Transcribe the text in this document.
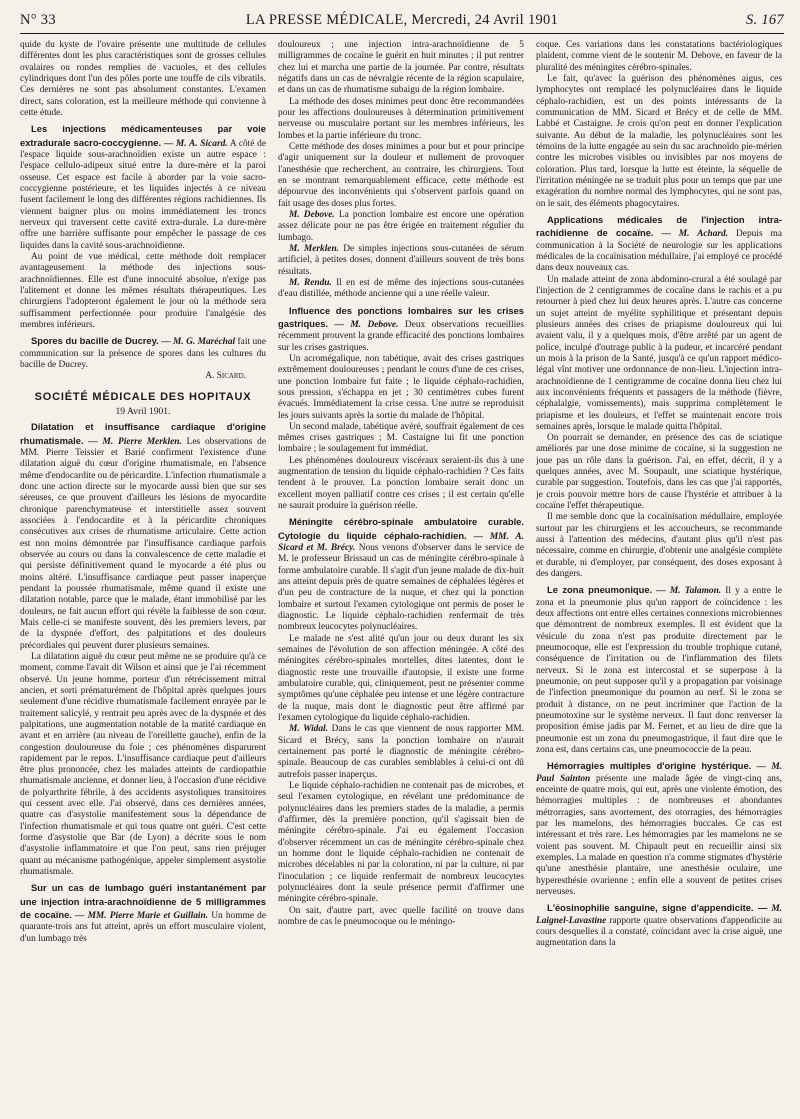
N° 33	LA PRESSE MÉDICALE, Mercredi, 24 Avril 1901	S. 167

quide du kyste de l'ovaire présente une multitude de cellules différentes dont les plus caractéristiques sont de grosses cellules ovalaires ou rondes remplies de vacuoles, et des cellules cylindriques dont l'un des pôles porte une touffe de cils vibratils. Ces dernières ne sont pas absolument constantes. L'examen direct, sans coloration, est la meilleure méthode qui convienne à cette étude.

Les injections médicamenteuses par voie extradurale sacro-coccygienne. — M. A. Sicard. A côté de l'espace liquide sous-arachnoïdien existe un autre espace : l'espace cellulo-adipeux situé entre la dure-mère et la paroi osseuse. Cet espace est facile à aborder par la voie sacro-coccygienne postérieure, et les liquides injectés à ce niveau fusent facilement le long des différentes régions rachidiennes. Ils viennent baigner plus ou moins immédiatement les troncs nerveux qui traversent cette cavité extra-durale. La dure-mère offre une barrière suffisante pour empêcher le passage de ces liquides dans la cavité sous-arachnoïdienne.

Au point de vue médical, cette méthode doit remplacer avantageusement la méthode des injections sous-arachnoïdiennes. Elle est d'une innocuité absolue, n'exige pas l'alitement et donne les mêmes résultats thérapeutiques. Les chirurgiens l'adopteront également le jour où la méthode sera suffisamment perfectionnée pour produire l'analgésie des membres inférieurs.

Spores du bacille de Ducrey. — M. G. Maréchal fait une communication sur la présence de spores dans les cultures du bacille de Ducrey.

A. Sicard.
SOCIÉTÉ MÉDICALE DES HOPITAUX
19 Avril 1901.

Dilatation et insuffisance cardiaque d'origine rhumatismale. — M. Pierre Merklen. Les observations de MM. Pierre Teissier et Barié confirment l'existence d'une dilatation aiguë du cœur d'origine rhumatismale, en l'absence même d'endocardite ou de péricardite. L'infection rhumatismale a donc une action directe sur le myocarde aussi bien que sur ses séreuses, ce que prouvent d'ailleurs les lésions de myocardite chronique parenchymateuse et interstitielle assez souvent associées à l'endocardite et à la péricardite chroniques consécutives aux crises de rhumatisme articulaire. Cette action est non moins démontrée par l'insuffisance cardiaque parfois observée au cours ou dans la convalescence de cette maladie et qui persiste définitivement quand le myocarde a été plus ou moins altéré. L'insuffisance cardiaque peut passer inaperçue pendant la poussée rhumatismale, même quand il existe une dilatation notable, parce que le malade, étant immobilisé par les douleurs, ne fait aucun effort qui révèle la faiblesse de son cœur. Mais celle-ci se manifeste souvent, dès les premiers levers, par de la dyspnée d'effort, des palpitations et des douleurs précordiales qui peuvent durer plusieurs semaines.

La dilatation aiguë du cœur peut même ne se produire qu'à ce moment, comme l'avait dit Wilson et ainsi que je l'ai récemment observé. Un jeune homme, porteur d'un rétrécissement mitral ancien, et sorti prématurément de l'hôpital après quelques jours seulement d'une récidive rhumatismale facilement enrayée par le traitement salicylé, y rentrait peu après avec de la dyspnée et des palpitations, une augmentation notable de la matité cardiaque en avant et en arrière (au niveau de l'oreillette gauche), enfin de la congestion douloureuse du foie ; ces phénomènes disparurent rapidement par le repos. L'insuffisance cardiaque peut d'ailleurs être plus prononcée, chez les malades atteints de cardiopathie rhumatismale ancienne, et donner lieu, à l'occasion d'une récidive de polyarthrite fébrile, à des accidents asystoliques transitoires qui cessent avec elle. J'ai observé, dans ces dernières années, quatre cas d'asystolie manifestement sous la dépendance de l'infection rhumatismale et qui tous quatre ont guéri. C'est cette forme d'asystolie que Bar (de Lyon) a décrite sous le nom d'asystolie inflammatoire et que l'on peut, sans rien préjuger quant au mécanisme pathogénique, appeler simplement asystolie rhumatismale.

Sur un cas de lumbago guéri instantanément par une injection intra-arachnoïdienne de 5 milligrammes de cocaïne. — MM. Pierre Marie et Guillain. Un homme de quarante-trois ans fut atteint, après un effort musculaire violent, d'un lumbago très

douloureux ; une injection intra-arachnoïdienne de 5 milligrammes de cocaïne le guérit en huit minutes ; il put rentrer chez lui et marcha une partie de la journée. Par contre, résultats négatifs dans un cas de névralgie récente de la région scapulaire, et dans un cas de rhumatisme subaigu de la région lombaire.

La méthode des doses minimes peut donc être recommandées pour les affections douloureuses à détermination primitivement nerveuse ou musculaire portant sur les membres inférieurs, les lombes et la partie inférieure du tronc.

Cette méthode des doses minimes a pour but et pour principe d'agir uniquement sur la douleur et nullement de provoquer l'anesthésie que recherchent, au contraire, les chirurgiens. Tout en se montrant remarquablement efficace, cette méthode est dépourvue des inconvénients qui s'observent parfois quand on fait usage des doses plus fortes.

M. Debove. La ponction lombaire est encore une opération assez délicate pour ne pas être érigée en traitement régulier du lumbago.

M. Merklen. De simples injections sous-cutanées de sérum artificiel, à petites doses, donnent d'ailleurs souvent de très bons résultats.

M. Rendu. Il en est de même des injections sous-cutanées d'eau distillée, méthode ancienne qui a une réelle valeur.

Influence des ponctions lombaires sur les crises gastriques. — M. Debove. Deux observations recueillies récemment prouvent la grande efficacité des ponctions lombaires sur les crises gastriques.

Un acromégalique, non tabétique, avait des crises gastriques extrêmement douloureuses ; pendant le cours d'une de ces crises, une ponction lombaire fut faite ; le liquide céphalo-rachidien, sous pression, s'échappa en jet ; 30 centimètres cubes furent évacués. Immédiatement la crise cessa. Une autre se reproduisit les jours suivants après la sortie du malade de l'hôpital.

Un second malade, tabétique avéré, souffrait également de ces mêmes crises gastriques ; M. Castaigne lui fit une ponction lombaire ; le soulagement fut immédiat.

Les phénomènes douloureux viscéraux seraient-ils dus à une augmentation de tension du liquide céphalo-rachidien ? Ces faits tendent à le prouver. La ponction lombaire serait donc un excellent moyen palliatif contre ces crises ; il est certain qu'elle ne saurait produire la guérison réelle.

Méningite cérébro-spinale ambulatoire curable. Cytologie du liquide céphalo-rachidien. — MM. A. Sicard et M. Brécy. Nous venons d'observer dans le service de M. le professeur Brissaud un cas de méningite cérébro-spinale à forme ambulatoire curable. Il s'agit d'un jeune malade de dix-huit ans atteint depuis près de quatre semaines de céphalées légères et d'un peu de contracture de la nuque, et chez qui la ponction lombaire et surtout l'examen cytologique ont permis de poser le diagnostic. Le liquide céphalo-rachidien renfermait de très nombreux leucocytes polynucléaires.

Le malade ne s'est alité qu'un jour ou deux durant les six semaines de l'évolution de son affection méningée. A côté des méningites cérébro-spinales mortelles, dites latentes, dont le diagnostic reste une trouvaille d'autopsie, il existe une forme ambulatoire curable, qui, cliniquement, peut ne présenter comme symptômes qu'une céphalée peu intense et une légère contracture de la nuque, mais dont le diagnostic peut être affirmé par l'examen cytologique du liquide céphalo-rachidien.

M. Widal. Dans le cas que viennent de nous rapporter MM. Sicard et Brécy, sans la ponction lombaire on n'aurait certainement pas porté le diagnostic de méningite cérébro-spinale. Beaucoup de cas curables semblables à celui-ci ont dû autrefois passer inaperçus.

Le liquide céphalo-rachidien ne contenait pas de microbes, et seul l'examen cytologique, en révélant une prédominance de polynucléaires dans les premiers stades de la maladie, a permis d'affirmer, dès la première ponction, qu'il s'agissait bien de méningite cérébro-spinale. J'ai eu également l'occasion d'observer récemment un cas de méningite cérébro-spinale chez un homme dont le liquide céphalo-rachidien ne contenait de microbes décelables ni par la coloration, ni par la culture, ni par l'inoculation ; ce liquide renfermait de nombreux leucocytes polynucléaires dont la seule présence permit d'affirmer une méningite cérébro-spinale.

On sait, d'autre part, avec quelle facilité on trouve dans nombre de cas le pneumocoque ou le méningo-

coque. Ces variations dans les constatations bactériologiques plaident, comme vient de le soutenir M. Debove, en faveur de la pluralité des méningites cérébro-spinales.

Le fait, qu'avec la guérison des phénomènes aigus, ces lymphocytes ont remplacé les polynucléaires dans le liquide céphalo-rachidien, est un des points intéressants de la communication de MM. Sicard et Brécy et de celle de MM. Labbé et Castaigne. Je crois qu'on peut en donner l'explication suivante. Au début de la maladie, les polynucléaires sont les témoins de la lutte engagée au sein du sac arachnoïdo pie-mérien contre les microbes visibles ou invisibles par nos moyens de coloration. Plus tard, lorsque la lutte est éteinte, la séquelle de l'irritation méningée ne se traduit plus pour un temps que par une exagération du nombre normal des lymphocytes, qui ne sont pas, on le sait, des éléments phagocytaires.

Applications médicales de l'injection intra-rachidienne de cocaïne. — M. Achard. Depuis ma communication à la Société de neurologie sur les applications médicales de la cocaïnisation médullaire, j'ai employé ce procédé dans deux nouveaux cas.

Un malade atteint de zona abdomino-crural a été soulagé par l'injection de 2 centigrammes de cocaïne dans le rachis et a pu retourner à pied chez lui deux heures après. L'autre cas concerne un sujet atteint de myélite syphilitique et présentant depuis plusieurs années des crises de priapisme douloureux qui lui avaient valu, il y a quelques mois, d'être arrêté par un agent de police, inculpé d'outrage public à la pudeur, et incarcéré pendant un mois à la prison de la Santé, jusqu'à ce qu'un rapport médico-légal vînt motiver une ordonnance de non-lieu. L'injection intra-arachnoïdienne de 1 centigramme de cocaïne donna lieu chez lui aux inconvénients fréquents et passagers de la méthode (fièvre, céphalalgie, vomissements), mais supprima complètement le priapisme et les douleurs, et l'effet se maintenait encore trois semaines après, lorsque le malade quitta l'hôpital.

On pourrait se demander, en présence des cas de sciatique améliorés par une dose minime de cocaïne, si la suggestion ne joue pas un rôle dans la guérison. J'ai, en effet, décrit, il y a quelques années, avec M. Soupault, une sciatique hystérique, curable par suggestion. Toutefois, dans les cas que j'ai rapportés, je crois pouvoir mettre hors de cause l'hystérie et attribuer à la cocaïne l'effet thérapeutique.

Il me semble donc que la cocaïnisation médullaire, employée surtout par les chirurgiens et les accoucheurs, se recommande aussi à l'attention des médecins, d'autant plus qu'il n'est pas nécessaire, comme en chirurgie, d'obtenir une analgésie complète et durable, ni d'employer, par conséquent, des doses exposant à des dangers.

Le zona pneumonique. — M. Talamon. Il y a entre le zona et la pneumonie plus qu'un rapport de coïncidence : les deux affections ont entre elles certaines connexions microbiennes que démontrent de nombreux exemples. Il est évident que la vésicule du zona n'est pas produite directement par le pneumocoque, elle est l'expression du trouble trophique cutané, conséquence de l'irritation ou de l'inflammation des filets nerveux. Si le zona est intercostal et se superpose à la pneumonie, on peut supposer qu'il y a propagation par voisinage de l'infection pneumonique du poumon au nerf. Si le zona se produit à distance, on ne peut incriminer que l'action de la pneumotoxine sur le système nerveux. Il faut donc renverser la proposition émise jadis par M. Fernet, et au lieu de dire que la pneumonie est un zona du pneumogastrique, il faut dire que le zona est, dans certains cas, une pneumococcie de la peau.

Hémorragies multiples d'origine hystérique. — M. Paul Sainton présente une malade âgée de vingt-cinq ans, enceinte de quatre mois, qui eut, après une violente émotion, des hémorragies multiples : de nombreuses et abondantes métrorragies, sans avortement, des otorragies, des hémorragies par les mamelons, des hémorragies buccales. Ce cas est intéressant et très rare. Les hémorragies par les mamelons ne se voient pas souvent. M. Chipault peut en recueillir ainsi six exemples. La malade en question n'a comme stigmates d'hystérie qu'une anesthésie plantaire, une anesthésie oculaire, une hyperesthésie ovarienne ; enfin elle a souvent de petites crises nerveuses.

L'éosinophilie sanguine, signe d'appendicite. — M. Laignel-Lavastine rapporte quatre observations d'appendicite au cours desquelles il a constaté, coïncidant avec la crise aiguë, une augmentation dans la
